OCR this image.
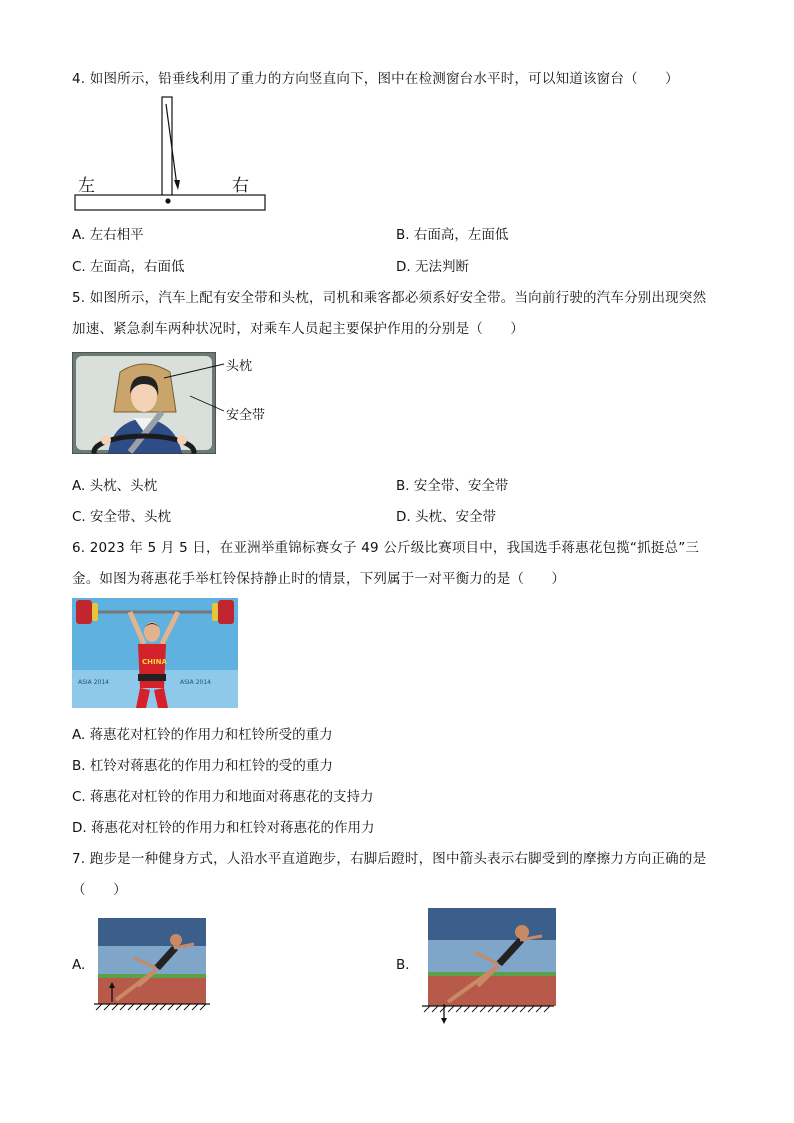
4. 如图所示，铅垂线利用了重力的方向竖直向下，图中在检测窗台水平时，可以知道该窗台（　　）
左	右
A. 左右相平	B. 右面高，左面低
C. 左面高，右面低	D. 无法判断
5. 如图所示，汽车上配有安全带和头枕，司机和乘客都必须系好安全带。当向前行驶的汽车分别出现突然
加速、紧急刹车两种状况时，对乘车人员起主要保护作用的分别是（　　）
头枕
安全带
A. 头枕、头枕	B. 安全带、安全带
C. 安全带、头枕	D. 头枕、安全带
6. 2023 年 5 月 5 日，在亚洲举重锦标赛女子 49 公斤级比赛项目中，我国选手蒋惠花包揽“抓挺总”三
金。如图为蒋惠花手举杠铃保持静止时的情景，下列属于一对平衡力的是（　　）
ASIA 2014	ASIA 2014
CHINA
A. 蒋惠花对杠铃的作用力和杠铃所受的重力
B. 杠铃对蒋惠花的作用力和杠铃的受的重力
C. 蒋惠花对杠铃的作用力和地面对蒋惠花的支持力
D. 蒋惠花对杠铃的作用力和杠铃对蒋惠花的作用力
7. 跑步是一种健身方式，人沿水平直道跑步，右脚后蹬时，图中箭头表示右脚受到的摩擦力方向正确的是
（　　）
A.	B.
